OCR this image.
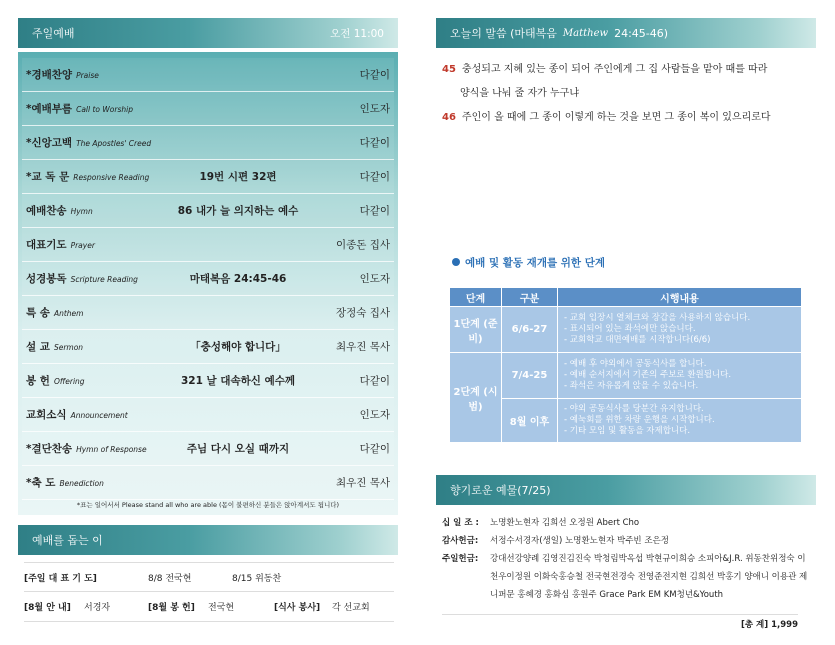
주일예배	오전 11:00
*경배찬양 Praise	다같이
*예배부름 Call to Worship	인도자
*신앙고백 The Apostles' Creed	다같이
*교 독 문 Responsive Reading	19번 시편 32편	다같이
예배찬송 Hymn	86 내가 늘 의지하는 예수	다같이
대표기도 Prayer	이종돈 집사
성경봉독 Scripture Reading	마태복음 24:45-46	인도자
특 송 Anthem	장정숙 집사
설 교 Sermon	「충성해야 합니다」	최우진 목사
봉 헌 Offering	321 날 대속하신 예수께	다같이
교회소식 Announcement	인도자
*결단찬송 Hymn of Response	주님 다시 오실 때까지	다같이
*축 도 Benediction	최우진 목사
*표는 일어서서 Please stand all who are able (몸이 불편하신 분들은 앉아계셔도 됩니다)
예배를 돕는 이
[주일 대 표 기 도]	8/8 전국현	8/15 위동찬
[8월 안 내]	서경자	[8월 봉 헌]	전국현	[식사 봉사]	각 선교회
오늘의 말씀 (마태복음 Matthew 24:45-46)
45 충성되고 지혜 있는 종이 되어 주인에게 그 집 사람들을 맡아 때를 따라
양식을 나눠 줄 자가 누구냐
46 주인이 올 때에 그 종이 이렇게 하는 것을 보면 그 종이 복이 있으리로다
예배 및 활동 재개를 위한 단계
단계	구분	시행내용
1단계 (준비)	6/6-27	- 교회 입장시 열체크와 장갑을 사용하지 않습니다.
- 표시되어 있는 좌석에만 앉습니다.
- 교회학교 대면예배를 시작합니다(6/6)

2단계 (시범)	7/4-25	- 예배 후 야외에서 공동식사를 합니다.
- 예배 순서지에서 기존의 주보로 환원됩니다.
- 좌석은 자유롭게 앉을 수 있습니다.

	8월 이후	- 야외 공동식사를 당분간 유지합니다.
- 예눅회를 위한 차량 운행을 시작합니다.
- 기타 모임 및 활동을 자제합니다.
향기로운 예물(7/25)
십 일 조 :	노명환노현자 김희선 오정원 Abert Cho
감사헌금:	서정수서경자(생일) 노명환노현자 박주빈 조은정
주일헌금:	강대선강양례 김영진김진숙 박청림박옥섭 박현규이희승 소피아&J.R. 위동찬위정숙 이천우이정원 이화숙홍승철 전국현전경숙 전영준전지현 김희선 박홍기 양애니 이용관 제니퍼문 홍혜경 홍화심 홍원주 Grace Park EM KM청년&Youth
[총 계] 1,999
